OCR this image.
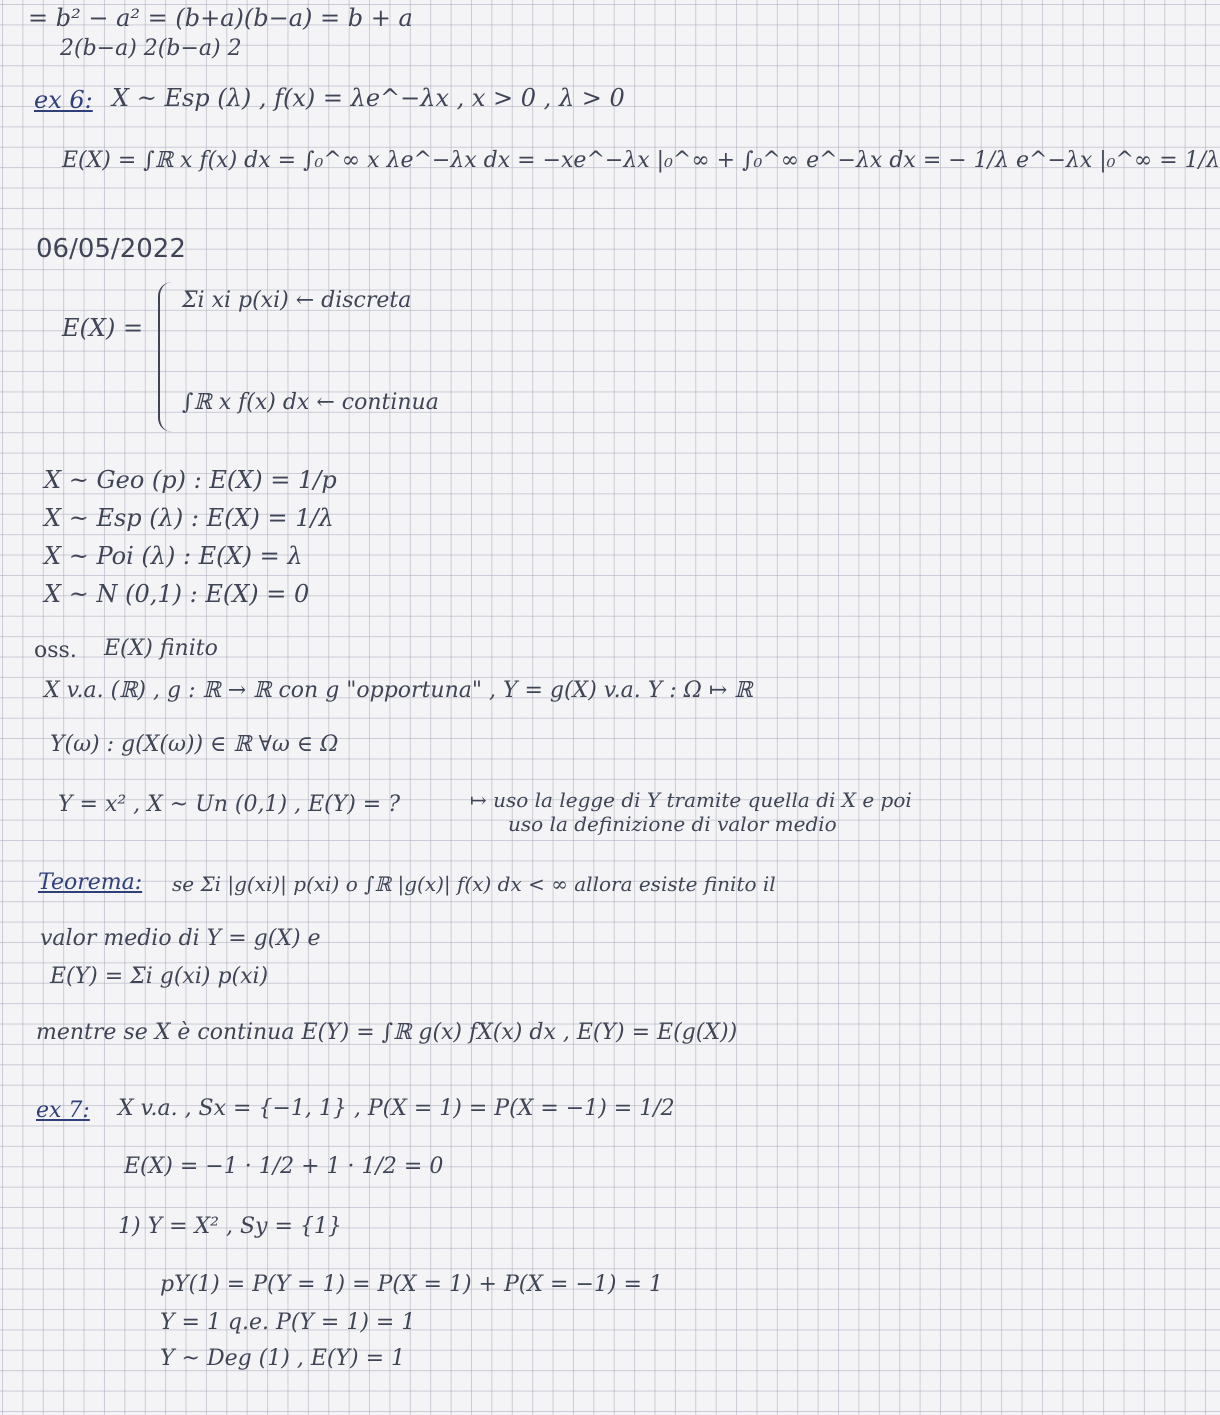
= b² − a² = (b+a)(b−a) = b + a
2(b−a) 2(b−a) 2
ex 6: X ~ Esp (λ) , f(x) = λe^−λx , x > 0 , λ > 0
E(X) = ∫ℝ x f(x) dx = ∫₀^∞ x λe^−λx dx = −xe^−λx |₀^∞ + ∫₀^∞ e^−λx dx = − 1/λ e^−λx |₀^∞ = 1/λ
06/05/2022
E(X) =
Σi xi p(xi) ← discreta
∫ℝ x f(x) dx ← continua
X ~ Geo (p) : E(X) = 1/p
X ~ Esp (λ) : E(X) = 1/λ
X ~ Poi (λ) : E(X) = λ
X ~ N (0,1) : E(X) = 0
oss. E(X) finito
X v.a. (ℝ) , g : ℝ → ℝ con g "opportuna" , Y = g(X) v.a. Y : Ω ↦ ℝ
Y(ω) : g(X(ω)) ∈ ℝ ∀ω ∈ Ω
Y = x² , X ~ Un (0,1) , E(Y) = ?	↦ uso la legge di Y tramite quella di X e poi
uso la definizione di valor medio
Teorema: se Σi |g(xi)| p(xi) o ∫ℝ |g(x)| f(x) dx < ∞ allora esiste finito il
valor medio di Y = g(X) e
E(Y) = Σi g(xi) p(xi)
mentre se X è continua E(Y) = ∫ℝ g(x) fX(x) dx , E(Y) = E(g(X))
ex 7: X v.a. , Sx = {−1, 1} , P(X = 1) = P(X = −1) = 1/2
E(X) = −1 · 1/2 + 1 · 1/2 = 0
1) Y = X² , Sy = {1}
pY(1) = P(Y = 1) = P(X = 1) + P(X = −1) = 1
Y = 1 q.e. P(Y = 1) = 1
Y ~ Deg (1) , E(Y) = 1
